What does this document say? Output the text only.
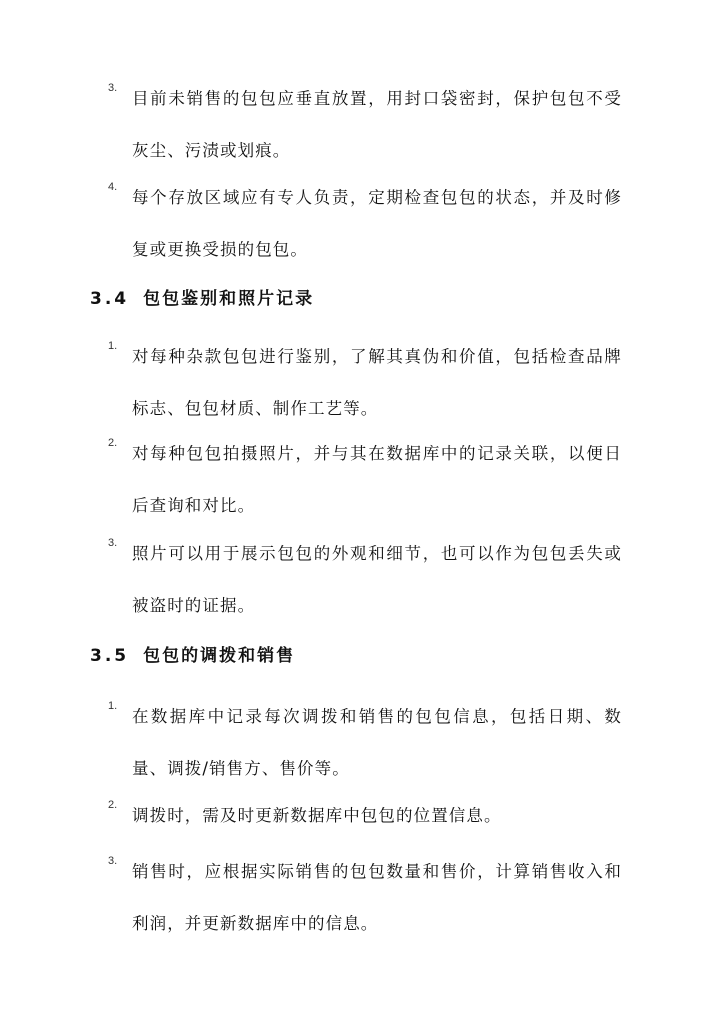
3.

目前未销售的包包应垂直放置，用封口袋密封，保护包包不受灰尘、污渍或划痕。

4.

每个存放区域应有专人负责，定期检查包包的状态，并及时修复或更换受损的包包。

3.4 包包鉴别和照片记录
1.

对每种杂款包包进行鉴别，了解其真伪和价值，包括检查品牌标志、包包材质、制作工艺等。

2.

对每种包包拍摄照片，并与其在数据库中的记录关联，以便日后查询和对比。

3.

照片可以用于展示包包的外观和细节，也可以作为包包丢失或被盗时的证据。

3.5 包包的调拨和销售
1.

在数据库中记录每次调拨和销售的包包信息，包括日期、数量、调拨/销售方、售价等。

2.

调拨时，需及时更新数据库中包包的位置信息。

3.

销售时，应根据实际销售的包包数量和售价，计算销售收入和利润，并更新数据库中的信息。
